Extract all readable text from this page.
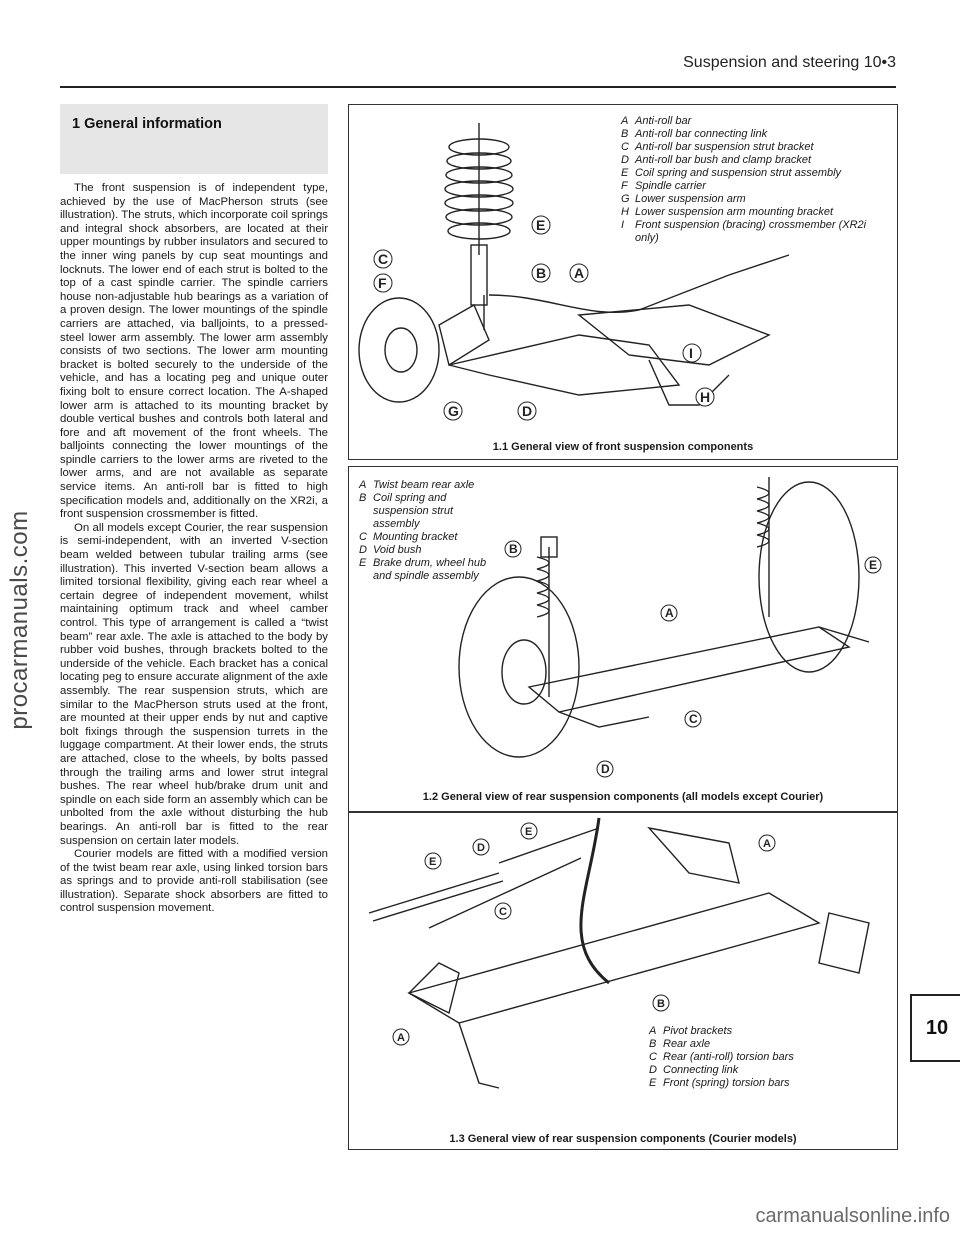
Suspension and steering 10•3
procarmanuals.com
1 General information

The front suspension is of independent type, achieved by the use of MacPherson struts (see illustration). The struts, which incorporate coil springs and integral shock absorbers, are located at their upper mountings by rubber insulators and secured to the inner wing panels by cup seat mountings and locknuts. The lower end of each strut is bolted to the top of a cast spindle carrier. The spindle carriers house non-adjustable hub bearings as a variation of a proven design. The lower mountings of the spindle carriers are attached, via balljoints, to a pressed-steel lower arm assembly. The lower arm assembly consists of two sections. The lower arm mounting bracket is bolted securely to the underside of the vehicle, and has a locating peg and unique outer fixing bolt to ensure correct location. The A-shaped lower arm is attached to its mounting bracket by double vertical bushes and controls both lateral and fore and aft movement of the front wheels. The balljoints connecting the lower mountings of the spindle carriers to the lower arms are riveted to the lower arms, and are not available as separate service items. An anti-roll bar is fitted to high specification models and, additionally on the XR2i, a front suspension crossmember is fitted.

On all models except Courier, the rear suspension is semi-independent, with an inverted V-section beam welded between tubular trailing arms (see illustration). This inverted V-section beam allows a limited torsional flexibility, giving each rear wheel a certain degree of independent movement, whilst maintaining optimum track and wheel camber control. This type of arrangement is called a “twist beam” rear axle. The axle is attached to the body by rubber void bushes, through brackets bolted to the underside of the vehicle. Each bracket has a conical locating peg to ensure accurate alignment of the axle assembly. The rear suspension struts, which are similar to the MacPherson struts used at the front, are mounted at their upper ends by nut and captive bolt fixings through the suspension turrets in the luggage compartment. At their lower ends, the struts are attached, close to the wheels, by bolts passed through the trailing arms and lower strut integral bushes. The rear wheel hub/brake drum unit and spindle on each side form an assembly which can be unbolted from the axle without disturbing the hub bearings. An anti-roll bar is fitted to the rear suspension on certain later models.

Courier models are fitted with a modified version of the twist beam rear axle, using linked torsion bars as springs and to provide anti-roll stabilisation (see illustration). Separate shock absorbers are fitted to control suspension movement.

E
C
F
B A
I
H
G	D
A Anti-roll bar
B Anti-roll bar connecting link
C Anti-roll bar suspension strut bracket
D Anti-roll bar bush and clamp bracket
E Coil spring and suspension strut assembly
F Spindle carrier
G Lower suspension arm
H Lower suspension arm mounting bracket
I Front suspension (bracing) crossmember (XR2i only)
1.1 General view of front suspension components
B
A
E
C
D
A Twist beam rear axle
B Coil spring and suspension strut assembly
C Mounting bracket
D Void bush
E Brake drum, wheel hub and spindle assembly
1.2 General view of rear suspension components (all models except Courier)
E
D
E
C
A
B
A
A Pivot brackets
B Rear axle
C Rear (anti-roll) torsion bars
D Connecting link
E Front (spring) torsion bars
1.3 General view of rear suspension components (Courier models)
10
carmanualsonline.info
